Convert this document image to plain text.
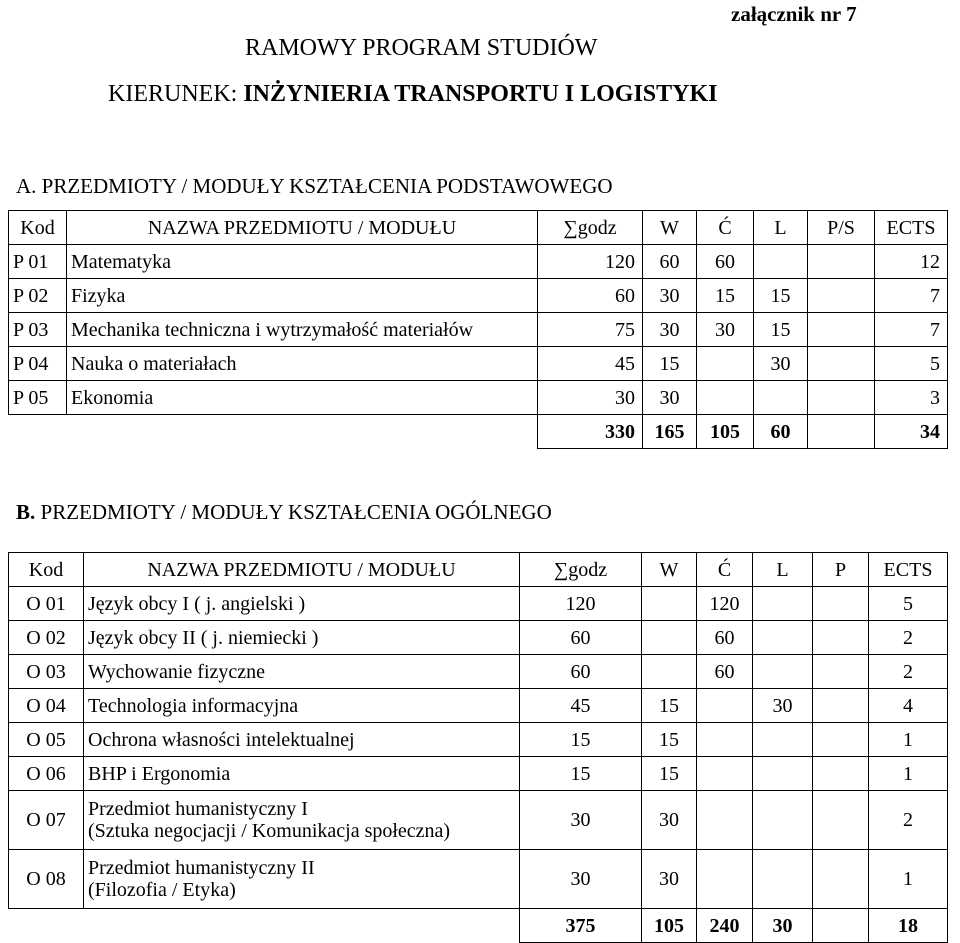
załącznik nr 7
RAMOWY PROGRAM STUDIÓW
KIERUNEK: INŻYNIERIA TRANSPORTU I LOGISTYKI
A. PRZEDMIOTY / MODUŁY KSZTAŁCENIA PODSTAWOWEGO
Kod	NAZWA PRZEDMIOTU / MODUŁU	∑godz	W	Ć	L	P/S	ECTS
P 01	Matematyka	120	60	60			12
P 02	Fizyka	60	30	15	15		7
P 03	Mechanika techniczna i wytrzymałość materiałów	75	30	30	15		7
P 04	Nauka o materiałach	45	15		30		5
P 05	Ekonomia	30	30				3
		330	165	105	60		34
B. PRZEDMIOTY / MODUŁY KSZTAŁCENIA OGÓLNEGO
Kod	NAZWA PRZEDMIOTU / MODUŁU	∑godz	W	Ć	L	P	ECTS
O 01	Język obcy I ( j. angielski )	120		120			5
O 02	Język obcy II ( j. niemiecki )	60		60			2
O 03	Wychowanie fizyczne	60		60			2
O 04	Technologia informacyjna	45	15		30		4
O 05	Ochrona własności intelektualnej	15	15				1
O 06	BHP i Ergonomia	15	15				1
O 07	Przedmiot humanistyczny I
(Sztuka negocjacji / Komunikacja społeczna)	30	30				2
O 08	Przedmiot humanistyczny II
(Filozofia / Etyka)	30	30				1
		375	105	240	30		18
